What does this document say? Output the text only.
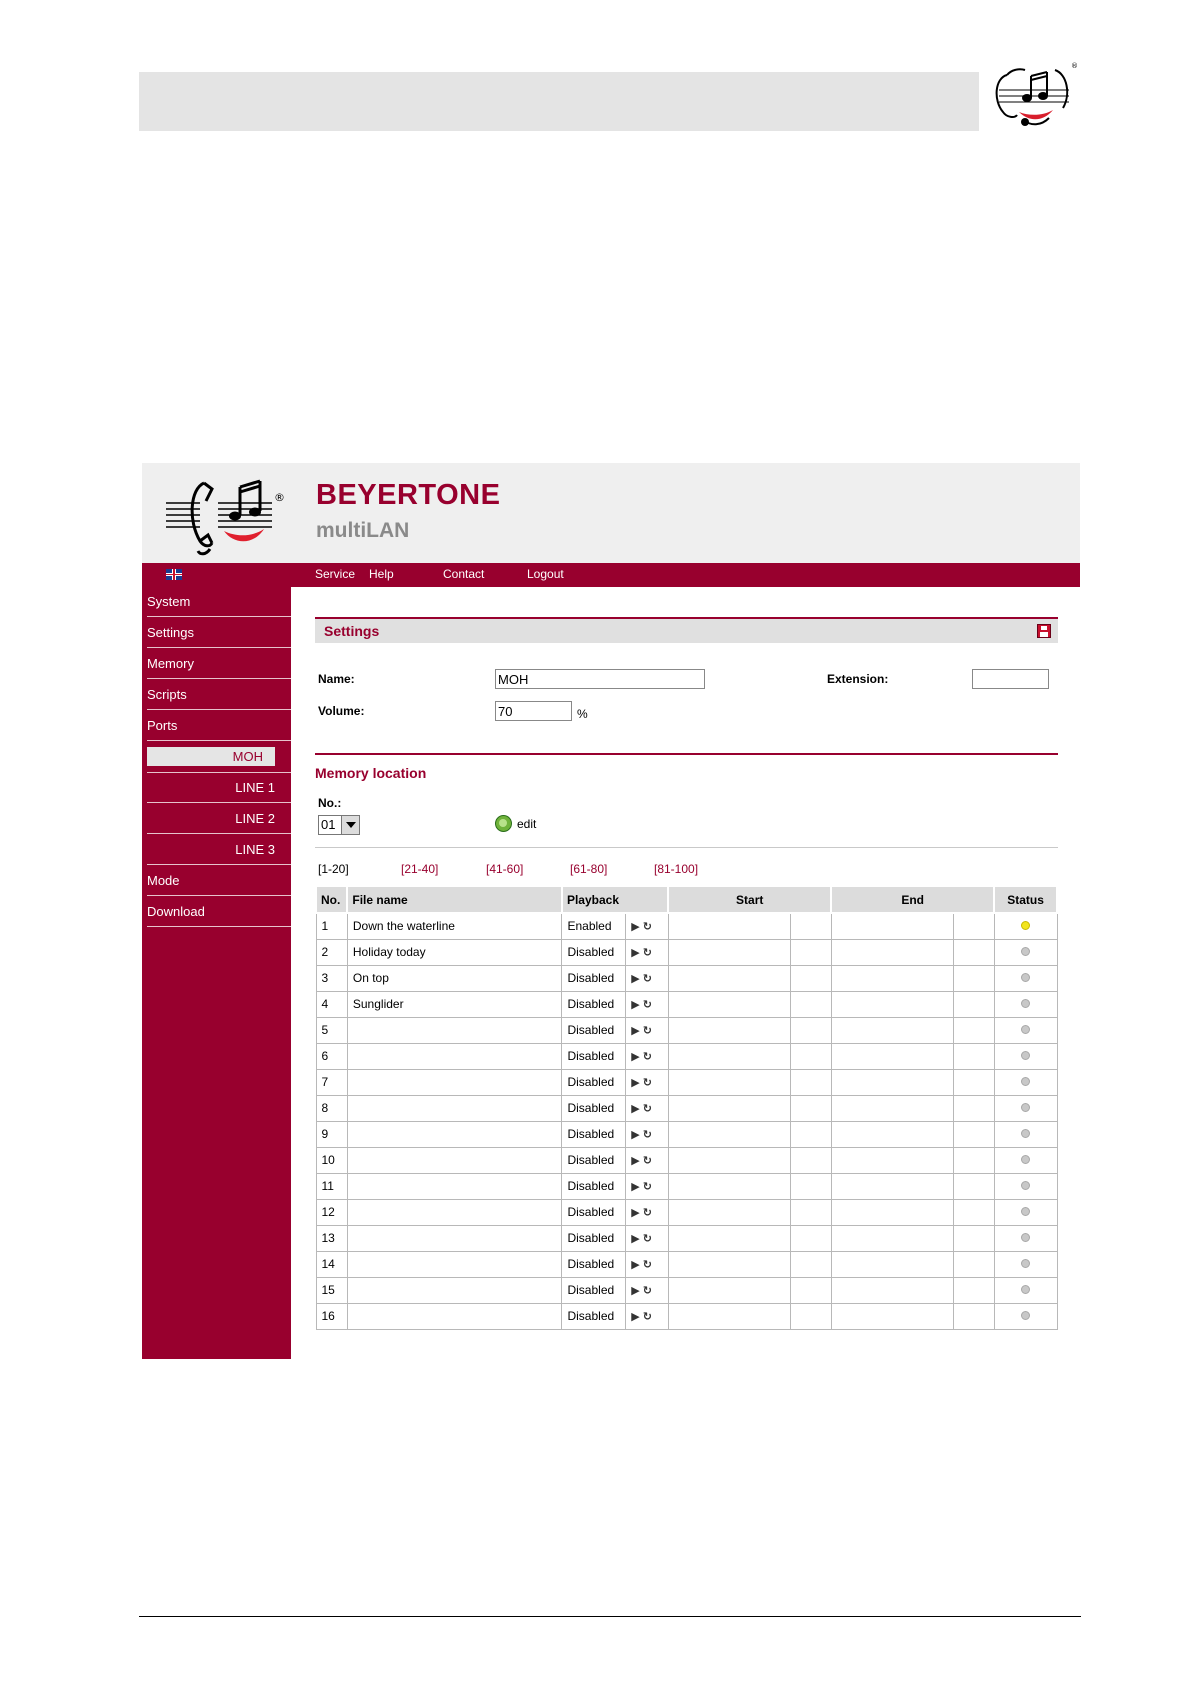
®
® BEYERTONE
multiLAN
Service Help	Contact	Logout
System
Settings
Memory
Scripts
Ports
MOH
LINE 1
LINE 2
LINE 3
Mode
Download
Settings
Name:
MOH	Extension:
Volume:
70	%
Memory location
No.:
01	edit
[1-20]	[21-40]	[41-60]	[61-80]	[81-100]
No.	File name	Playback		Start		End		Status
1	Down the waterline	Enabled	▶ ↻					
2	Holiday today	Disabled	▶ ↻					
3	On top	Disabled	▶ ↻					
4	Sunglider	Disabled	▶ ↻					
5		Disabled	▶ ↻					
6		Disabled	▶ ↻					
7		Disabled	▶ ↻					
8		Disabled	▶ ↻					
9		Disabled	▶ ↻					
10		Disabled	▶ ↻					
11		Disabled	▶ ↻					
12		Disabled	▶ ↻					
13		Disabled	▶ ↻					
14		Disabled	▶ ↻					
15		Disabled	▶ ↻					
16		Disabled	▶ ↻					
